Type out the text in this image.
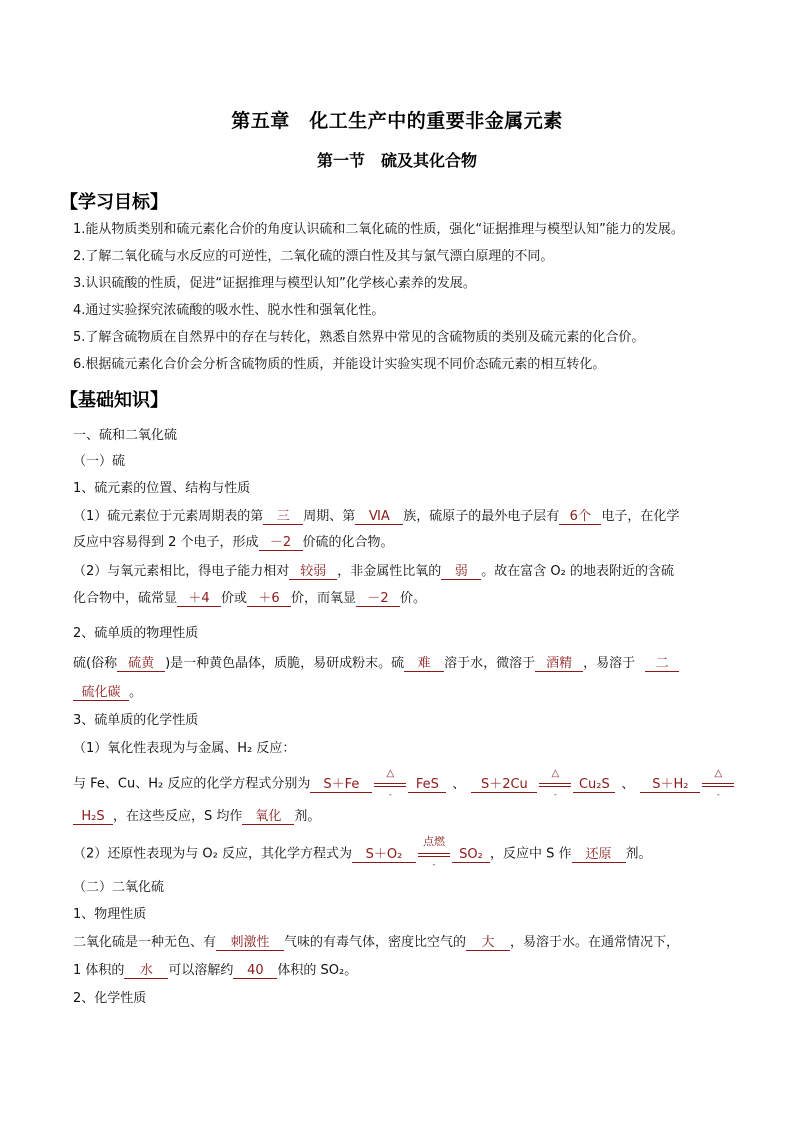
第五章　化工生产中的重要非金属元素
第一节　硫及其化合物
【学习目标】
1.能从物质类别和硫元素化合价的角度认识硫和二氧化硫的性质，强化“证据推理与模型认知”能力的发展。
2.了解二氧化硫与水反应的可逆性，二氧化硫的漂白性及其与氯气漂白原理的不同。
3.认识硫酸的性质，促进“证据推理与模型认知”化学核心素养的发展。
4.通过实验探究浓硫酸的吸水性、脱水性和强氧化性。
5.了解含硫物质在自然界中的存在与转化，熟悉自然界中常见的含硫物质的类别及硫元素的化合价。
6.根据硫元素化合价会分析含硫物质的性质，并能设计实验实现不同价态硫元素的相互转化。
【基础知识】
一、硫和二氧化硫
（一）硫
1、硫元素的位置、结构与性质
（1）硫元素位于元素周期表的第 三 周期、第 ⅥA 族，硫原子的最外电子层有 6个 电子，在化学
反应中容易得到 2 个电子，形成 －2 价硫的化合物。
（2）与氧元素相比，得电子能力相对 较弱 ，非金属性比氧的 弱 。故在富含 O₂ 的地表附近的含硫
化合物中，硫常显 ＋4 价或 ＋6 价，而氧显 －2 价。
2、硫单质的物理性质
硫(俗称 硫黄 )是一种黄色晶体，质脆，易研成粉末。硫 难 溶于水，微溶于 酒精 ，易溶于 二
硫化碳 。
3、硫单质的化学性质
（1）氧化性表现为与金属、H₂ 反应：
与 Fe、Cu、H₂ 反应的化学方程式分别为 S＋Fe
△
-
FeS 、 S＋2Cu
△
-
Cu₂S 、 S＋H₂
△
-
H₂S ，在这些反应，S 均作 氧化 剂。
（2）还原性表现为与 O₂ 反应，其化学方程式为 S＋O₂
点燃
-
SO₂ ，反应中 S 作 还原 剂。
（二）二氧化硫
1、物理性质
二氧化硫是一种无色、有 刺激性 气味的有毒气体，密度比空气的 大 ，易溶于水。在通常情况下，
1 体积的 水 可以溶解约 40 体积的 SO₂。
2、化学性质
